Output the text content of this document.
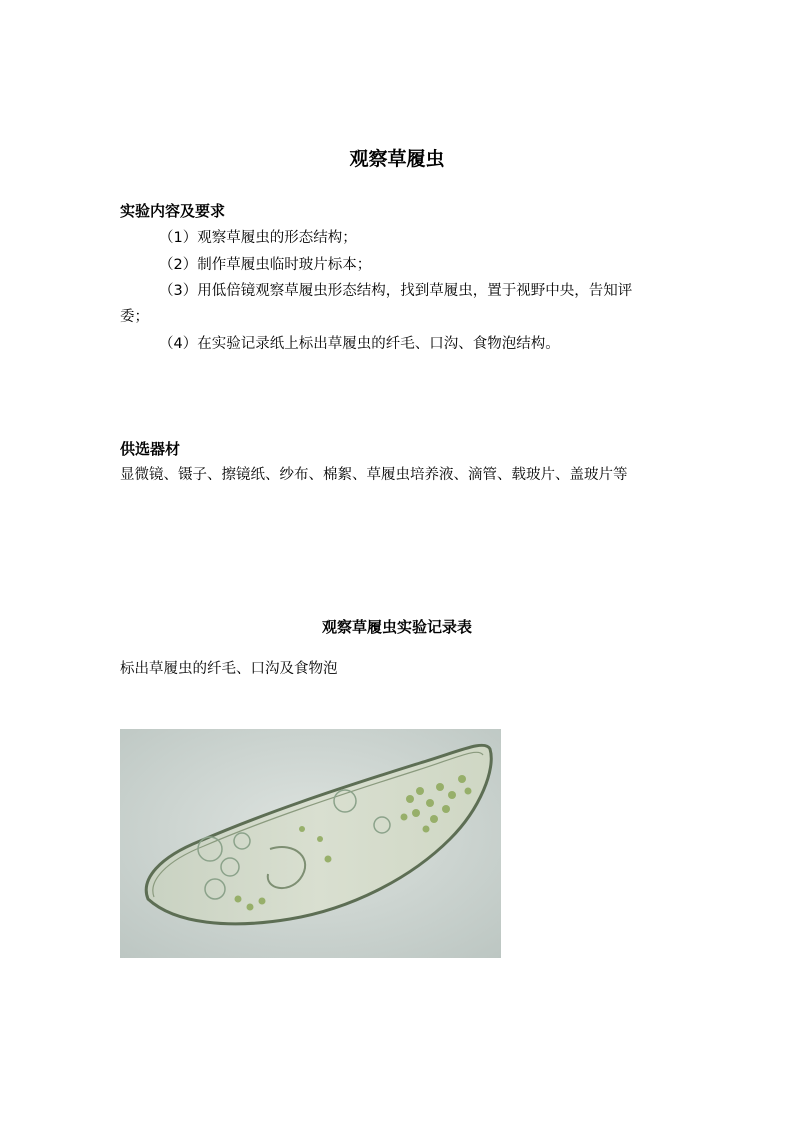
观察草履虫
实验内容及要求
（1）观察草履虫的形态结构；
（2）制作草履虫临时玻片标本；
（3）用低倍镜观察草履虫形态结构，找到草履虫，置于视野中央，告知评
委；
（4）在实验记录纸上标出草履虫的纤毛、口沟、食物泡结构。
供选器材
显微镜、镊子、擦镜纸、纱布、棉絮、草履虫培养液、滴管、载玻片、盖玻片等
观察草履虫实验记录表
标出草履虫的纤毛、口沟及食物泡
